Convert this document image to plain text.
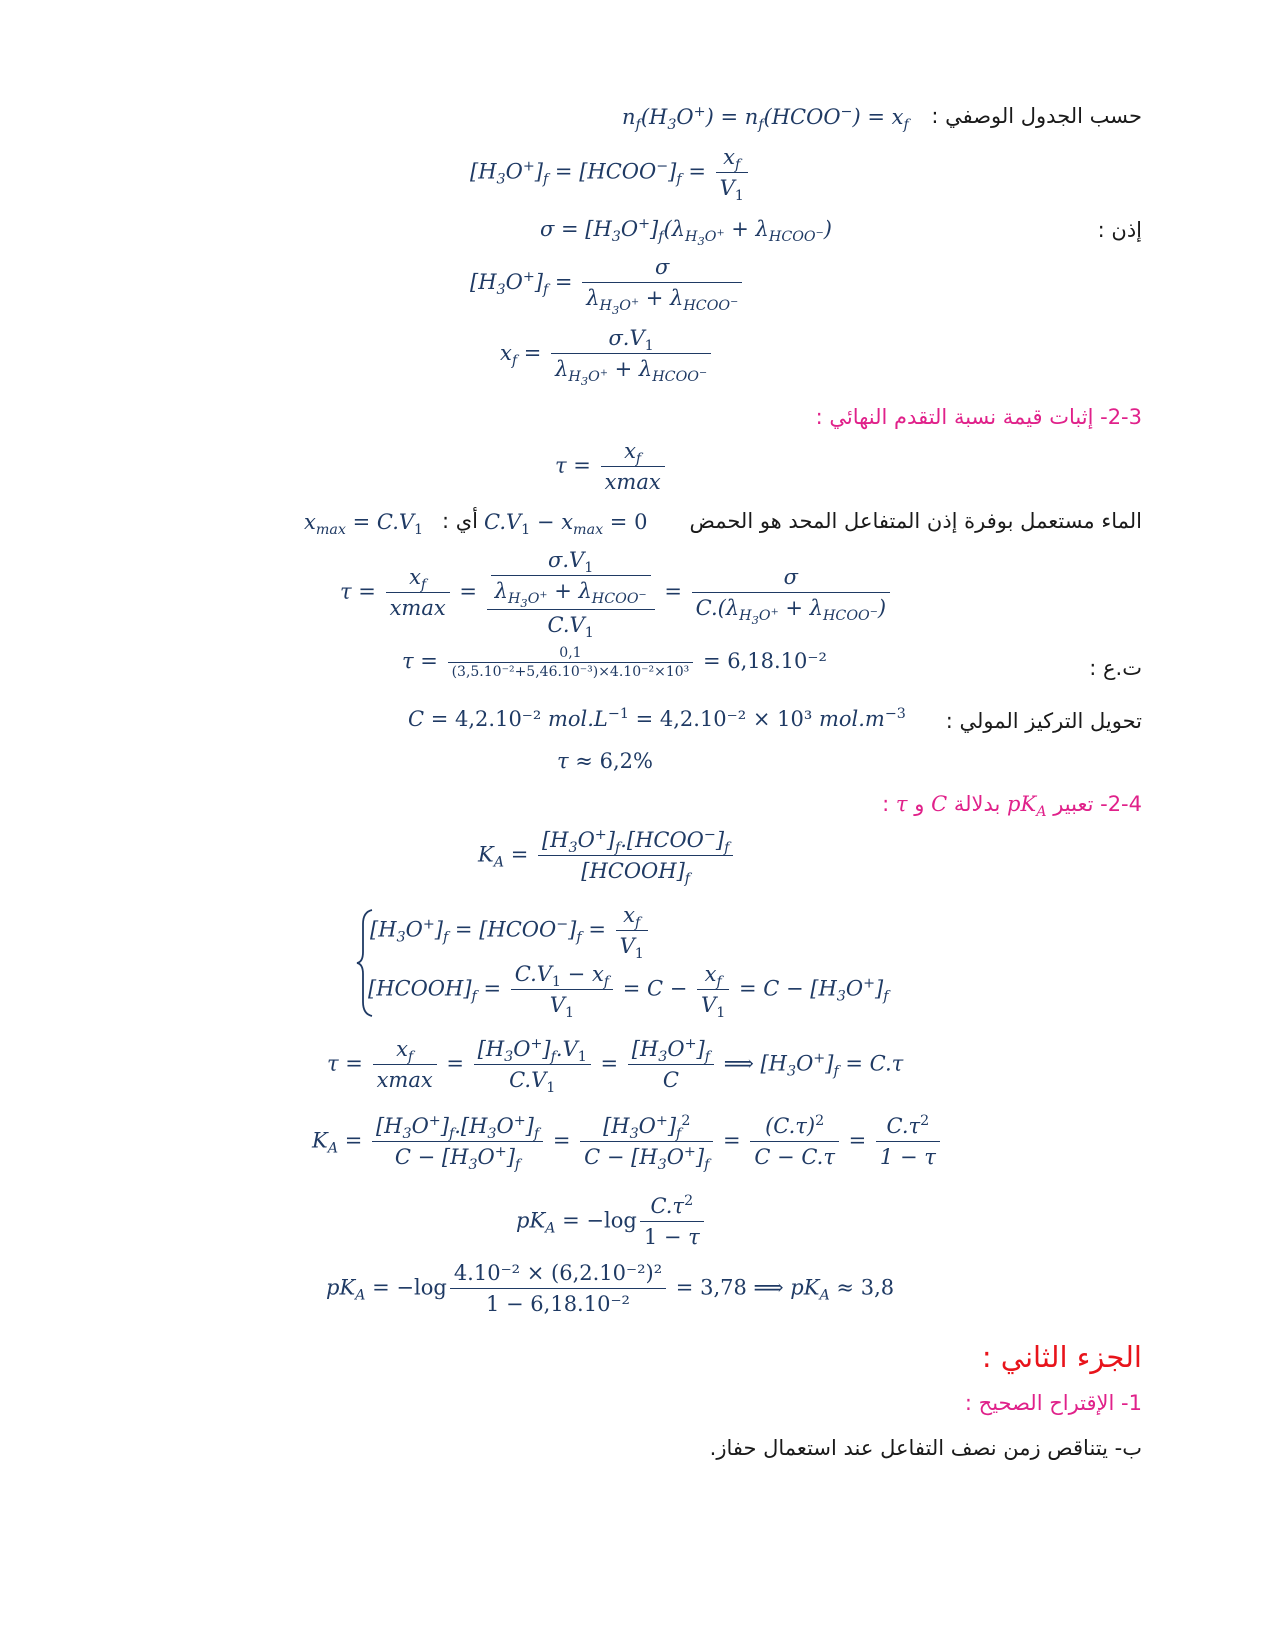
حسب الجدول الوصفي :
$n_f(H_3O^+)$ = $n_f(HCOO^-) = x_f$
$[H_3O^+]_f$ = $[HCOO^-]_f = \frac{x_f}{V_1}$
إذن :
$\sigma = [H_3O^+]_f(\lambda_{H_3O^+} + \lambda_{HCOO^-})$
$[H_3O^+]_f = \frac{\sigma}{\lambda_{H_3O^+} + \lambda_{HCOO^-}}$
$x_f = \frac{\sigma.V_1}{\lambda_{H_3O^+} + \lambda_{HCOO^-}}$
2-3- إثبات قيمة نسبة التقدم النهائي :
$\tau = \frac{x_f}{xmax}$
الماء مستعمل بوفرة إذن المتفاعل المحد هو الحمض
$C.V_1 - x_{max} = 0$
أي :
$x_{max} = C.V_1$
$\tau = \frac{x_f}{xmax} = \frac{\frac{\sigma.V_1}{\lambda_{H_3O^+} + \lambda_{HCOO^-}}}{C.V_1} = \frac{\sigma}{C.(\lambda_{H_3O^+} + \lambda_{HCOO^-})}$
ت.ع :
$\tau = \frac{0,1}{\text{(3,5.10⁻²+5,46.10⁻³)×4.10⁻²×10³}} = 6,18.10^{-2}$
تحويل التركيز المولي :
C = 4,2.10⁻² $mol.L^{-1} = 4,2.10^{-2} \times 10^3$ $mol.m^{-3}$
τ ≈ 6,2%
2-4- تعبير $pK_A$ بدلالة C و τ :
$K_A = \frac{[H_3O^+]_f.[HCOO^-]_f}{[HCOOH]_f}$
$[H_3O^+]_f$ = $[HCOO^-]_f = \frac{x_f}{V_1}$
$[HCOOH]_f = \frac{C.V_1 - x_f}{V_1} = C - \frac{x_f}{V_1} = C - [H_3O^+]_f$
$\tau = \frac{x_f}{xmax} = \frac{[H_3O^+]_f.V_1}{C.V_1} = \frac{[H_3O^+]_f}{C}$ ⟹ $[H_3O^+]_f = C.\tau$
$K_A = \frac{[H_3O^+]_f.[H_3O^+]_f}{C - [H_3O^+]_f} = \frac{[H_3O^+]_f^2}{C - [H_3O^+]_f} = \frac{(C.\tau)^2}{C - C.\tau} = \frac{C.\tau^2}{1 - \tau}$
$pK_A = -\log \frac{C.\tau^2}{1 - \tau}$
$pK_A = -\log \frac{\text{4.10⁻² × (6,2.10⁻²)²}}{\text{1 − 6,18.10⁻²}} = 3,78$ ⟹ $pK_A \approx 3,8$
الجزء الثاني :
1- الإقتراح الصحيح :
ب- يتناقص زمن نصف التفاعل عند استعمال حفاز.
